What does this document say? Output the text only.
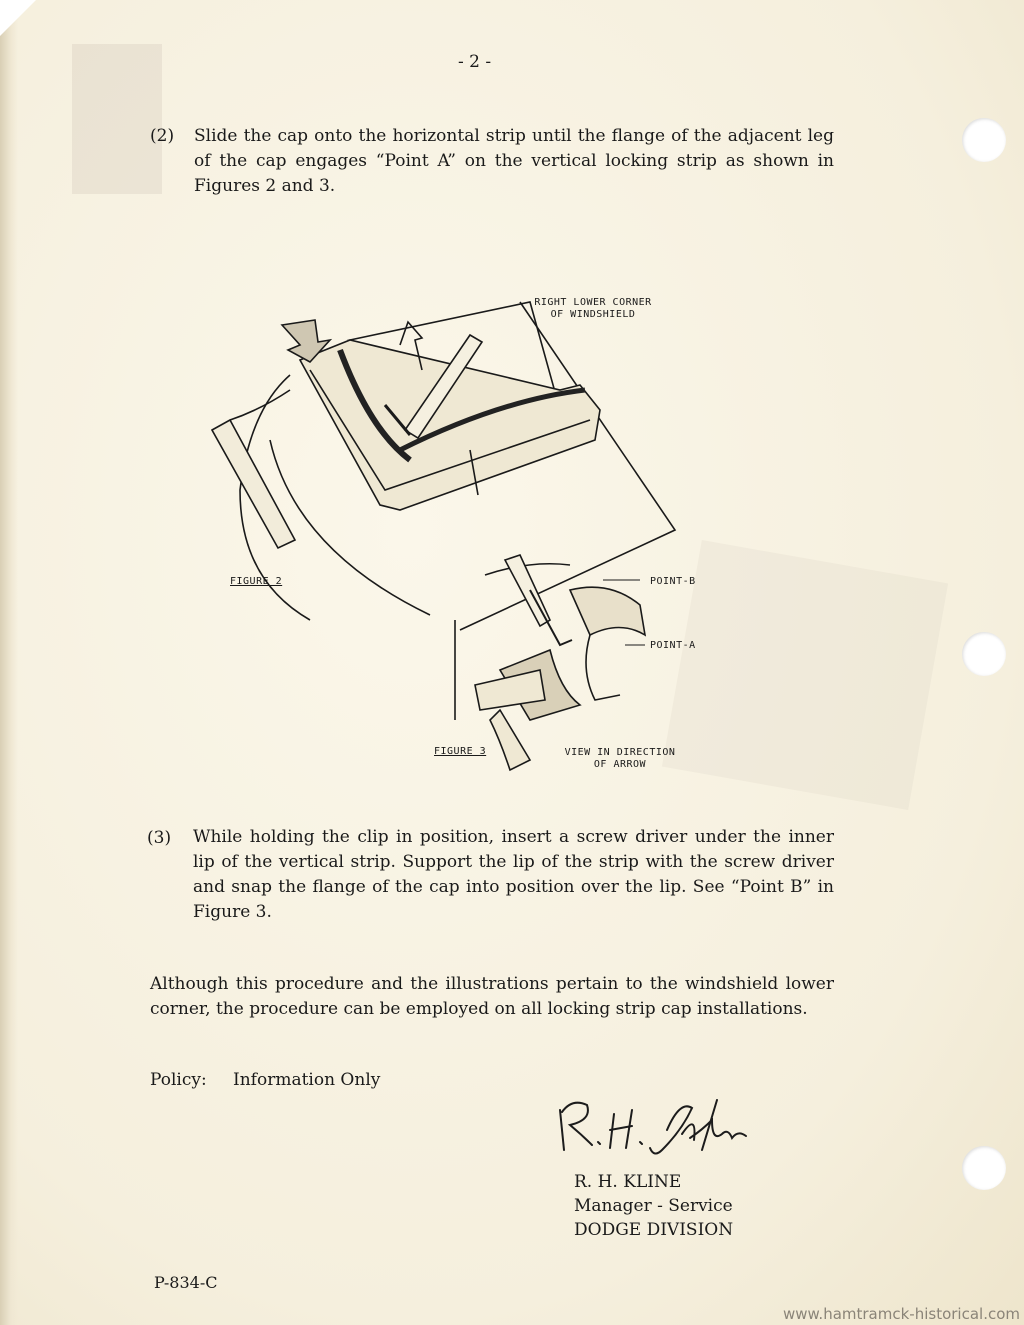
- 2 -
(2) Slide the cap onto the horizontal strip until the flange of the adjacent leg of the cap engages “Point A” on the vertical locking strip as shown in Figures 2 and 3.
RIGHT LOWER CORNER
OF WINDSHIELD
FIGURE 2	POINT-B
POINT-A
FIGURE 3	VIEW IN DIRECTION
OF ARROW
(3) While holding the clip in position, insert a screw driver under the inner lip of the vertical strip. Support the lip of the strip with the screw driver and snap the flange of the cap into position over the lip. See “Point B” in Figure 3.
Although this procedure and the illustrations pertain to the windshield lower corner, the procedure can be employed on all locking strip cap installations.
Policy: Information Only
R. H. KLINE
Manager - Service
DODGE DIVISION
P-834-C
www.hamtramck-historical.com
